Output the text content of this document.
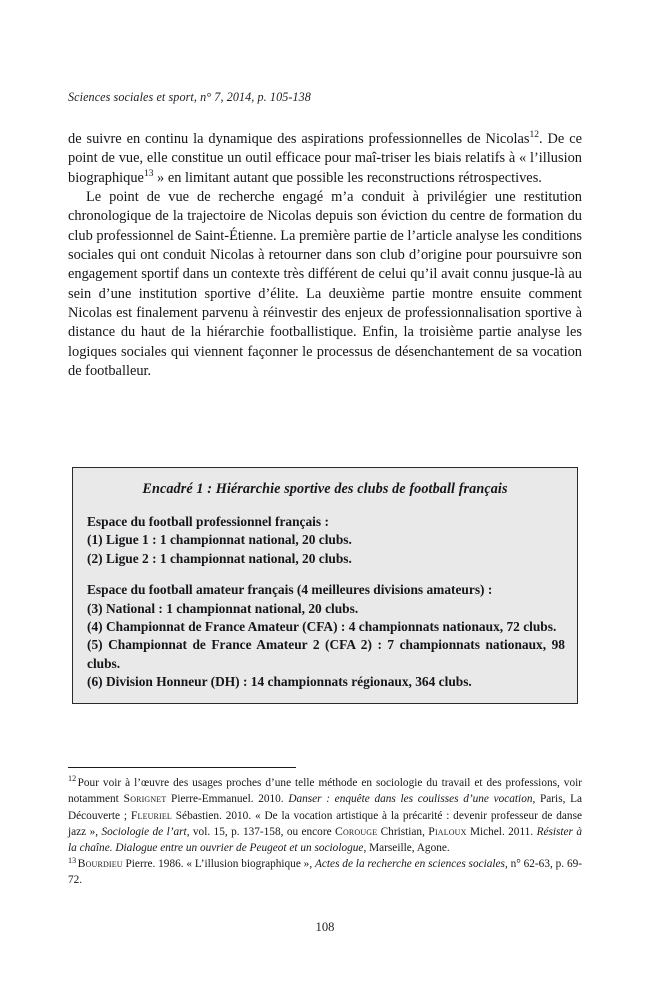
Sciences sociales et sport, n° 7, 2014, p. 105-138

de suivre en continu la dynamique des aspirations professionnelles de Nicolas$^{12}$. De ce point de vue, elle constitue un outil efficace pour maî-triser les biais relatifs à « l’illusion biographique$^{13}$ » en limitant autant que possible les reconstructions rétrospectives.

Le point de vue de recherche engagé m’a conduit à privilégier une restitution chronologique de la trajectoire de Nicolas depuis son éviction du centre de formation du club professionnel de Saint-Étienne. La première partie de l’article analyse les conditions sociales qui ont conduit Nicolas à retourner dans son club d’origine pour poursuivre son engagement sportif dans un contexte très différent de celui qu’il avait connu jusque-là au sein d’une institution sportive d’élite. La deuxième partie montre ensuite comment Nicolas est finalement parvenu à réinvestir des enjeux de professionnalisation sportive à distance du haut de la hiérarchie footballistique. Enfin, la troisième partie analyse les logiques sociales qui viennent façonner le processus de désenchantement de sa vocation de footballeur.

Encadré 1 : Hiérarchie sportive des clubs de football français

Espace du football professionnel français :

(1) Ligue 1 : 1 championnat national, 20 clubs.

(2) Ligue 2 : 1 championnat national, 20 clubs.

Espace du football amateur français (4 meilleures divisions amateurs) :

(3) National : 1 championnat national, 20 clubs.

(4) Championnat de France Amateur (CFA) : 4 championnats nationaux, 72 clubs.

(5) Championnat de France Amateur 2 (CFA 2) : 7 championnats nationaux, 98 clubs.

(6) Division Honneur (DH) : 14 championnats régionaux, 364 clubs.

$^{12}$ Pour voir à l’œuvre des usages proches d’une telle méthode en sociologie du travail et des professions, voir notamment Sorignet Pierre-Emmanuel. 2010. Danser : enquête dans les coulisses d’une vocation, Paris, La Découverte ; Fleuriel Sébastien. 2010. « De la vocation artistique à la précarité : devenir professeur de danse jazz », Sociologie de l’art, vol. 15, p. 137-158, ou encore Corouge Christian, Pialoux Michel. 2011. Résister à la chaîne. Dialogue entre un ouvrier de Peugeot et un sociologue, Marseille, Agone.

$^{13}$ Bourdieu Pierre. 1986. « L’illusion biographique », Actes de la recherche en sciences sociales, n° 62-63, p. 69-72.

108
